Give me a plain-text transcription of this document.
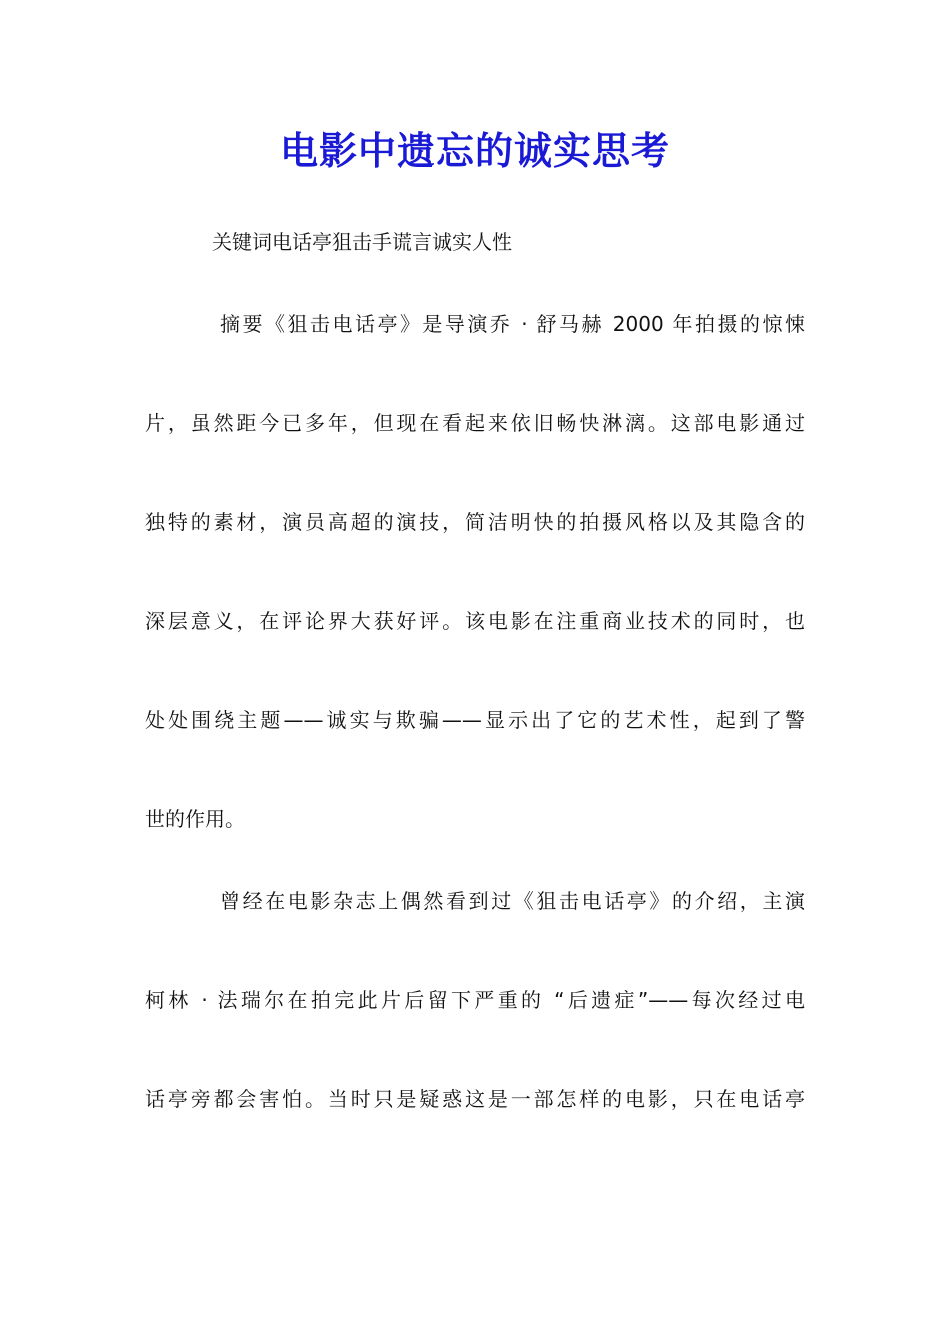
电影中遗忘的诚实思考

关键词电话亭狙击手谎言诚实人性

摘要《狙击电话亭》是导演乔 · 舒马赫 2000 年拍摄的惊悚

片，虽然距今已多年，但现在看起来依旧畅快淋漓。这部电影通过

独特的素材，演员高超的演技，简洁明快的拍摄风格以及其隐含的

深层意义，在评论界大获好评。该电影在注重商业技术的同时，也

处处围绕主题——诚实与欺骗——显示出了它的艺术性，起到了警

世的作用。

曾经在电影杂志上偶然看到过《狙击电话亭》的介绍，主演

柯林 · 法瑞尔在拍完此片后留下严重的 “后遗症”——每次经过电

话亭旁都会害怕。当时只是疑惑这是一部怎样的电影，只在电话亭
